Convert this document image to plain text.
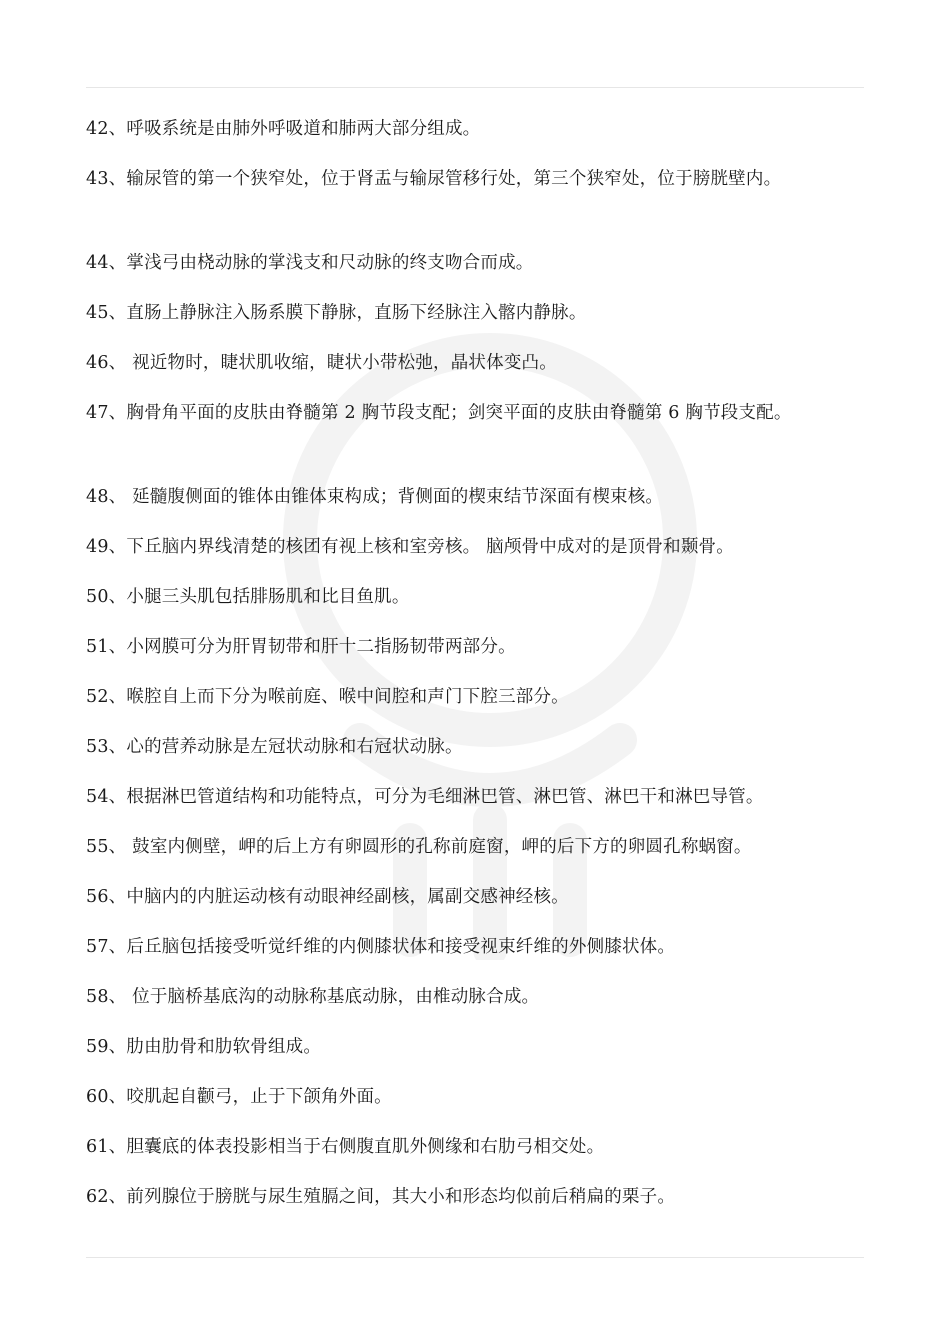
42、呼吸系统是由肺外呼吸道和肺两大部分组成。
43、输尿管的第一个狭窄处，位于肾盂与输尿管移行处，第三个狭窄处，位于膀胱壁内。
44、掌浅弓由桡动脉的掌浅支和尺动脉的终支吻合而成。
45、直肠上静脉注入肠系膜下静脉，直肠下经脉注入髂内静脉。
46、 视近物时，睫状肌收缩，睫状小带松弛，晶状体变凸。
47、胸骨角平面的皮肤由脊髓第 2 胸节段支配；剑突平面的皮肤由脊髓第 6 胸节段支配。
48、 延髓腹侧面的锥体由锥体束构成；背侧面的楔束结节深面有楔束核。
49、下丘脑内界线清楚的核团有视上核和室旁核。 脑颅骨中成对的是顶骨和颞骨。
50、小腿三头肌包括腓肠肌和比目鱼肌。
51、小网膜可分为肝胃韧带和肝十二指肠韧带两部分。
52、喉腔自上而下分为喉前庭、喉中间腔和声门下腔三部分。
53、心的营养动脉是左冠状动脉和右冠状动脉。
54、根据淋巴管道结构和功能特点，可分为毛细淋巴管、淋巴管、淋巴干和淋巴导管。
55、 鼓室内侧壁，岬的后上方有卵圆形的孔称前庭窗，岬的后下方的卵圆孔称蜗窗。
56、中脑内的内脏运动核有动眼神经副核，属副交感神经核。
57、后丘脑包括接受听觉纤维的内侧膝状体和接受视束纤维的外侧膝状体。
58、 位于脑桥基底沟的动脉称基底动脉，由椎动脉合成。
59、肋由肋骨和肋软骨组成。
60、咬肌起自颧弓，止于下颌角外面。
61、胆囊底的体表投影相当于右侧腹直肌外侧缘和右肋弓相交处。
62、前列腺位于膀胱与尿生殖膈之间，其大小和形态均似前后稍扁的栗子。
